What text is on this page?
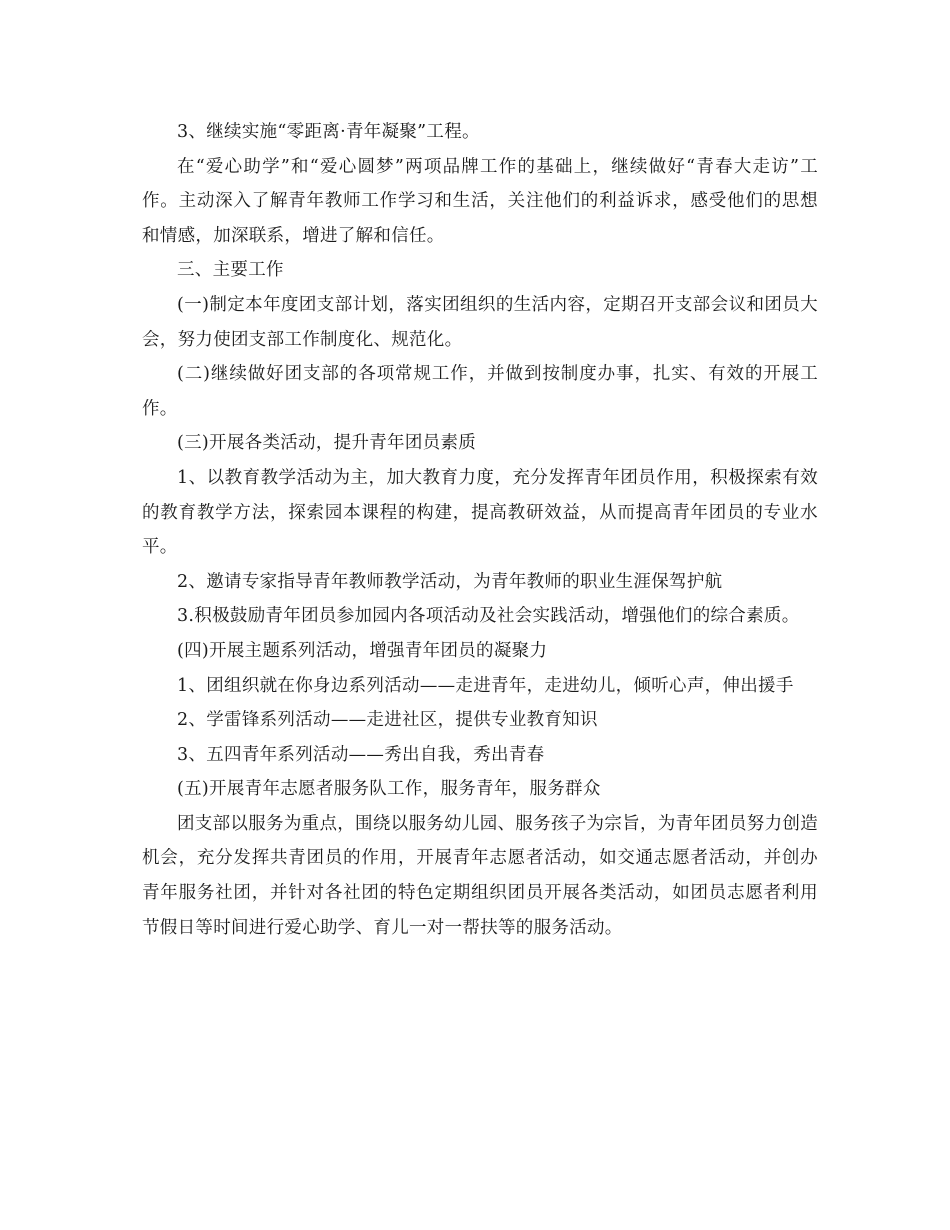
3、继续实施“零距离·青年凝聚”工程。

在“爱心助学”和“爱心圆梦”两项品牌工作的基础上，继续做好“青春大走访”工作。主动深入了解青年教师工作学习和生活，关注他们的利益诉求，感受他们的思想和情感，加深联系，增进了解和信任。

三、主要工作

(一)制定本年度团支部计划，落实团组织的生活内容，定期召开支部会议和团员大会，努力使团支部工作制度化、规范化。

(二)继续做好团支部的各项常规工作，并做到按制度办事，扎实、有效的开展工作。

(三)开展各类活动，提升青年团员素质

1、以教育教学活动为主，加大教育力度，充分发挥青年团员作用，积极探索有效的教育教学方法，探索园本课程的构建，提高教研效益，从而提高青年团员的专业水平。

2、邀请专家指导青年教师教学活动，为青年教师的职业生涯保驾护航

3.积极鼓励青年团员参加园内各项活动及社会实践活动，增强他们的综合素质。

(四)开展主题系列活动，增强青年团员的凝聚力

1、团组织就在你身边系列活动——走进青年，走进幼儿，倾听心声，伸出援手

2、学雷锋系列活动——走进社区，提供专业教育知识

3、五四青年系列活动——秀出自我，秀出青春

(五)开展青年志愿者服务队工作，服务青年，服务群众

团支部以服务为重点，围绕以服务幼儿园、服务孩子为宗旨，为青年团员努力创造机会，充分发挥共青团员的作用，开展青年志愿者活动，如交通志愿者活动，并创办青年服务社团，并针对各社团的特色定期组织团员开展各类活动，如团员志愿者利用节假日等时间进行爱心助学、育儿一对一帮扶等的服务活动。
